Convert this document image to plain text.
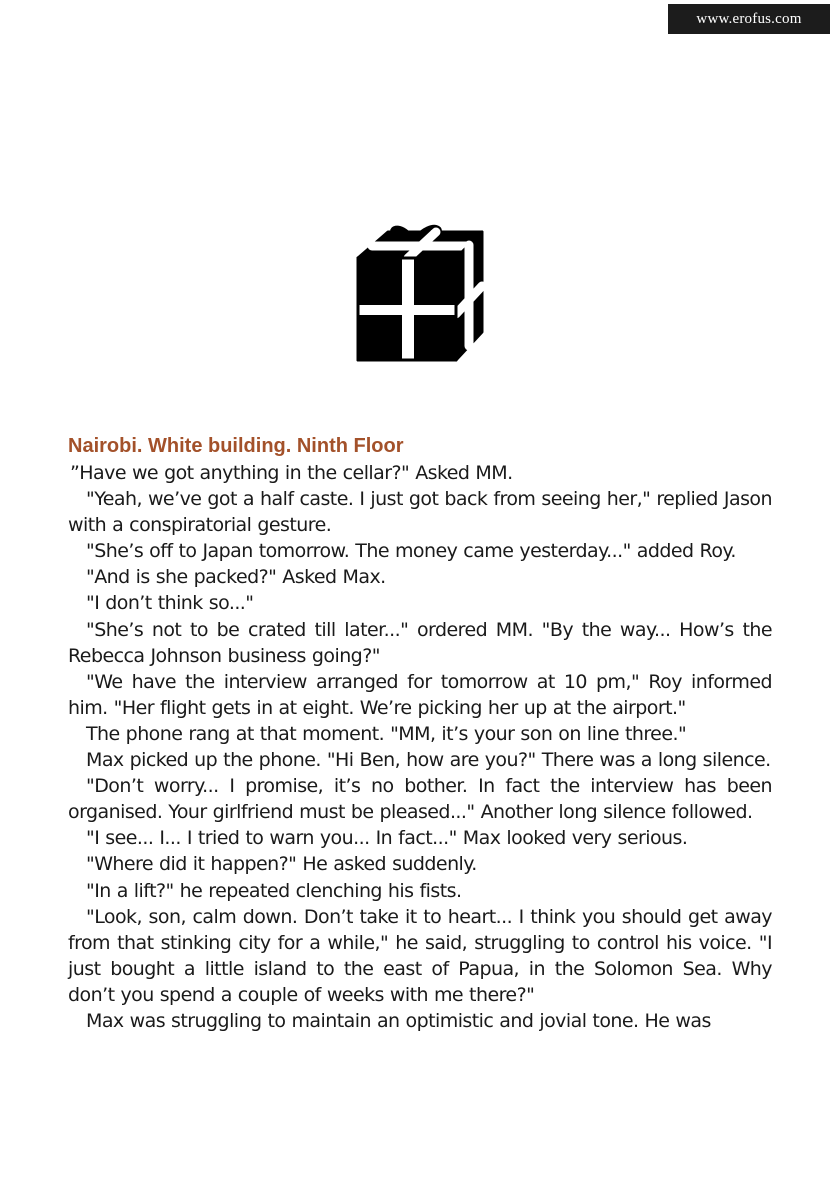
www.erofus.com
Nairobi. White building. Ninth Floor

”Have we got anything in the cellar?" Asked MM.

"Yeah, we’ve got a half caste. I just got back from seeing her," replied Jason with a conspiratorial gesture.

"She’s off to Japan tomorrow. The money came yesterday..." added Roy.

"And is she packed?" Asked Max.

"I don’t think so..."

"She’s not to be crated till later..." ordered MM. "By the way... How’s the Rebecca Johnson business going?"

"We have the interview arranged for tomorrow at 10 pm," Roy informed him. "Her flight gets in at eight. We’re picking her up at the airport."

The phone rang at that moment. "MM, it’s your son on line three."

Max picked up the phone. "Hi Ben, how are you?" There was a long silence.

"Don’t worry... I promise, it’s no bother. In fact the interview has been organised. Your girlfriend must be pleased..." Another long silence followed.

"I see... I... I tried to warn you... In fact..." Max looked very serious.

"Where did it happen?" He asked suddenly.

"In a lift?" he repeated clenching his fists.

"Look, son, calm down. Don’t take it to heart... I think you should get away from that stinking city for a while," he said, struggling to control his voice. "I just bought a little island to the east of Papua, in the Solomon Sea. Why don’t you spend a couple of weeks with me there?"

Max was struggling to maintain an optimistic and jovial tone. He was
